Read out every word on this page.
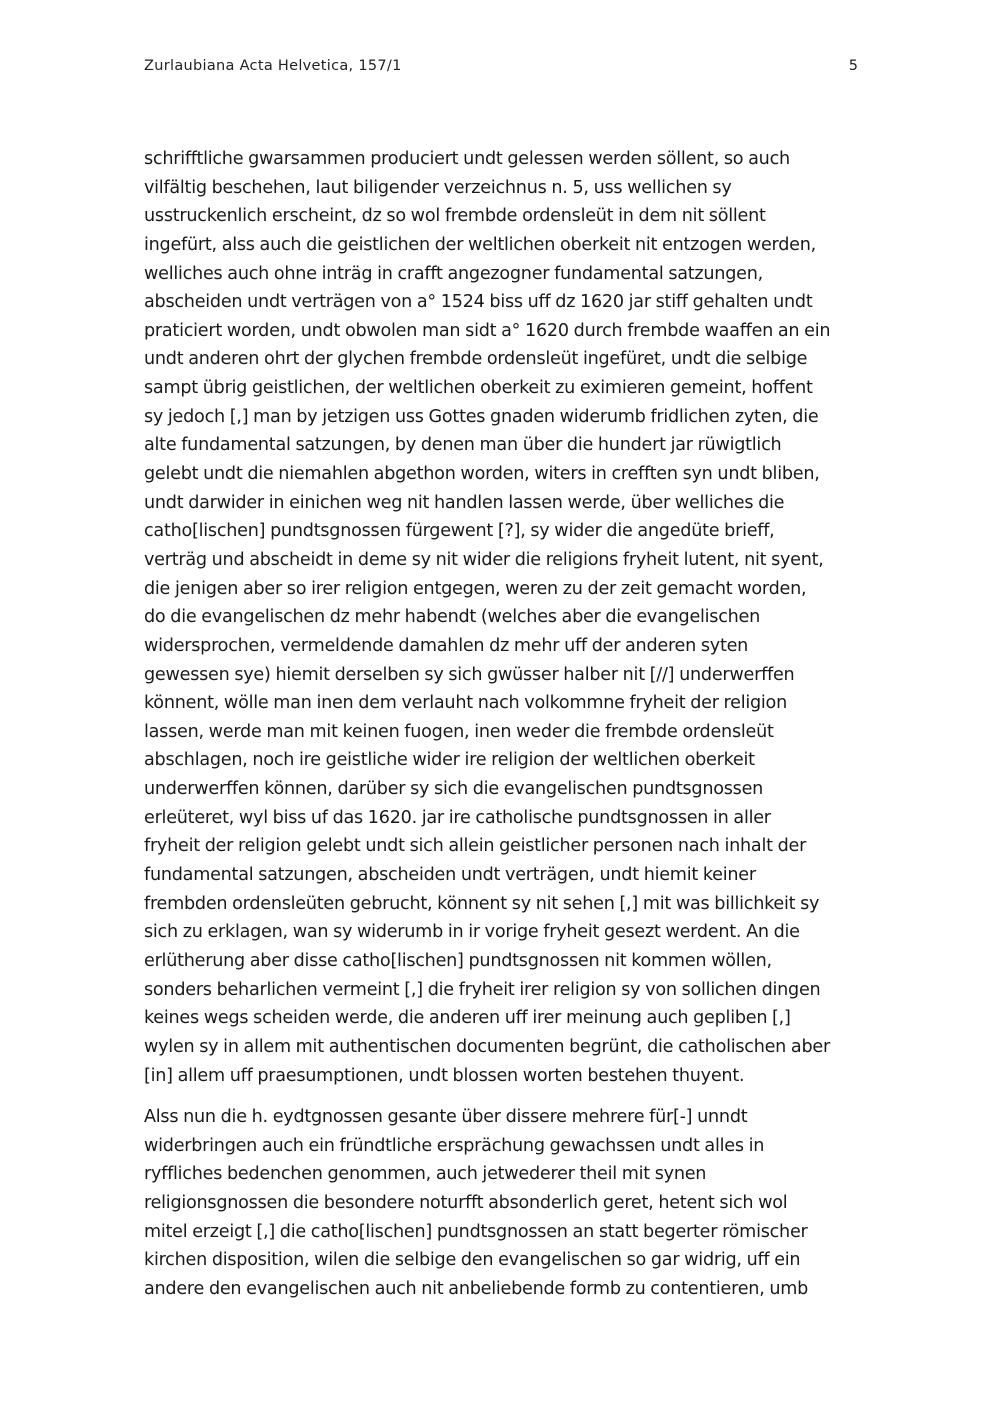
Zurlaubiana Acta Helvetica, 157/1	5
schrifftliche gwarsammen produciert undt gelessen werden söllent, so auch
vilfältig beschehen, laut biligender verzeichnus n. 5, uss wellichen sy
usstruckenlich erscheint, dz so wol frembde ordensleüt in dem nit söllent
ingefürt, alss auch die geistlichen der weltlichen oberkeit nit entzogen werden,
welliches auch ohne inträg in crafft angezogner fundamental satzungen,
abscheiden undt verträgen von a° 1524 biss uff dz 1620 jar stiff gehalten undt
praticiert worden, undt obwolen man sidt a° 1620 durch frembde waaffen an ein
undt anderen ohrt der glychen frembde ordensleüt ingefüret, undt die selbige
sampt übrig geistlichen, der weltlichen oberkeit zu eximieren gemeint, hoffent
sy jedoch [,] man by jetzigen uss Gottes gnaden widerumb fridlichen zyten, die
alte fundamental satzungen, by denen man über die hundert jar rüwigtlich
gelebt undt die niemahlen abgethon worden, witers in crefften syn undt bliben,
undt darwider in einichen weg nit handlen lassen werde, über welliches die
catho[lischen] pundtsgnossen fürgewent [?], sy wider die angedüte brieff,
verträg und abscheidt in deme sy nit wider die religions fryheit lutent, nit syent,
die jenigen aber so irer religion entgegen, weren zu der zeit gemacht worden,
do die evangelischen dz mehr habendt (welches aber die evangelischen
widersprochen, vermeldende damahlen dz mehr uff der anderen syten
gewessen sye) hiemit derselben sy sich gwüsser halber nit [//] underwerffen
könnent, wölle man inen dem verlauht nach volkommne fryheit der religion
lassen, werde man mit keinen fuogen, inen weder die frembde ordensleüt
abschlagen, noch ire geistliche wider ire religion der weltlichen oberkeit
underwerffen können, darüber sy sich die evangelischen pundtsgnossen
erleüteret, wyl biss uf das 1620. jar ire catholische pundtsgnossen in aller
fryheit der religion gelebt undt sich allein geistlicher personen nach inhalt der
fundamental satzungen, abscheiden undt verträgen, undt hiemit keiner
frembden ordensleüten gebrucht, könnent sy nit sehen [,] mit was billichkeit sy
sich zu erklagen, wan sy widerumb in ir vorige fryheit gesezt werdent. An die
erlütherung aber disse catho[lischen] pundtsgnossen nit kommen wöllen,
sonders beharlichen vermeint [,] die fryheit irer religion sy von sollichen dingen
keines wegs scheiden werde, die anderen uff irer meinung auch gepliben [,]
wylen sy in allem mit authentischen documenten begrünt, die catholischen aber
[in] allem uff praesumptionen, undt blossen worten bestehen thuyent.
Alss nun die h. eydtgnossen gesante über dissere mehrere für[-] unndt
widerbringen auch ein fründtliche ersprächung gewachssen undt alles in
ryffliches bedenchen genommen, auch jetwederer theil mit synen
religionsgnossen die besondere noturfft absonderlich geret, hetent sich wol
mitel erzeigt [,] die catho[lischen] pundtsgnossen an statt begerter römischer
kirchen disposition, wilen die selbige den evangelischen so gar widrig, uff ein
andere den evangelischen auch nit anbeliebende formb zu contentieren, umb
